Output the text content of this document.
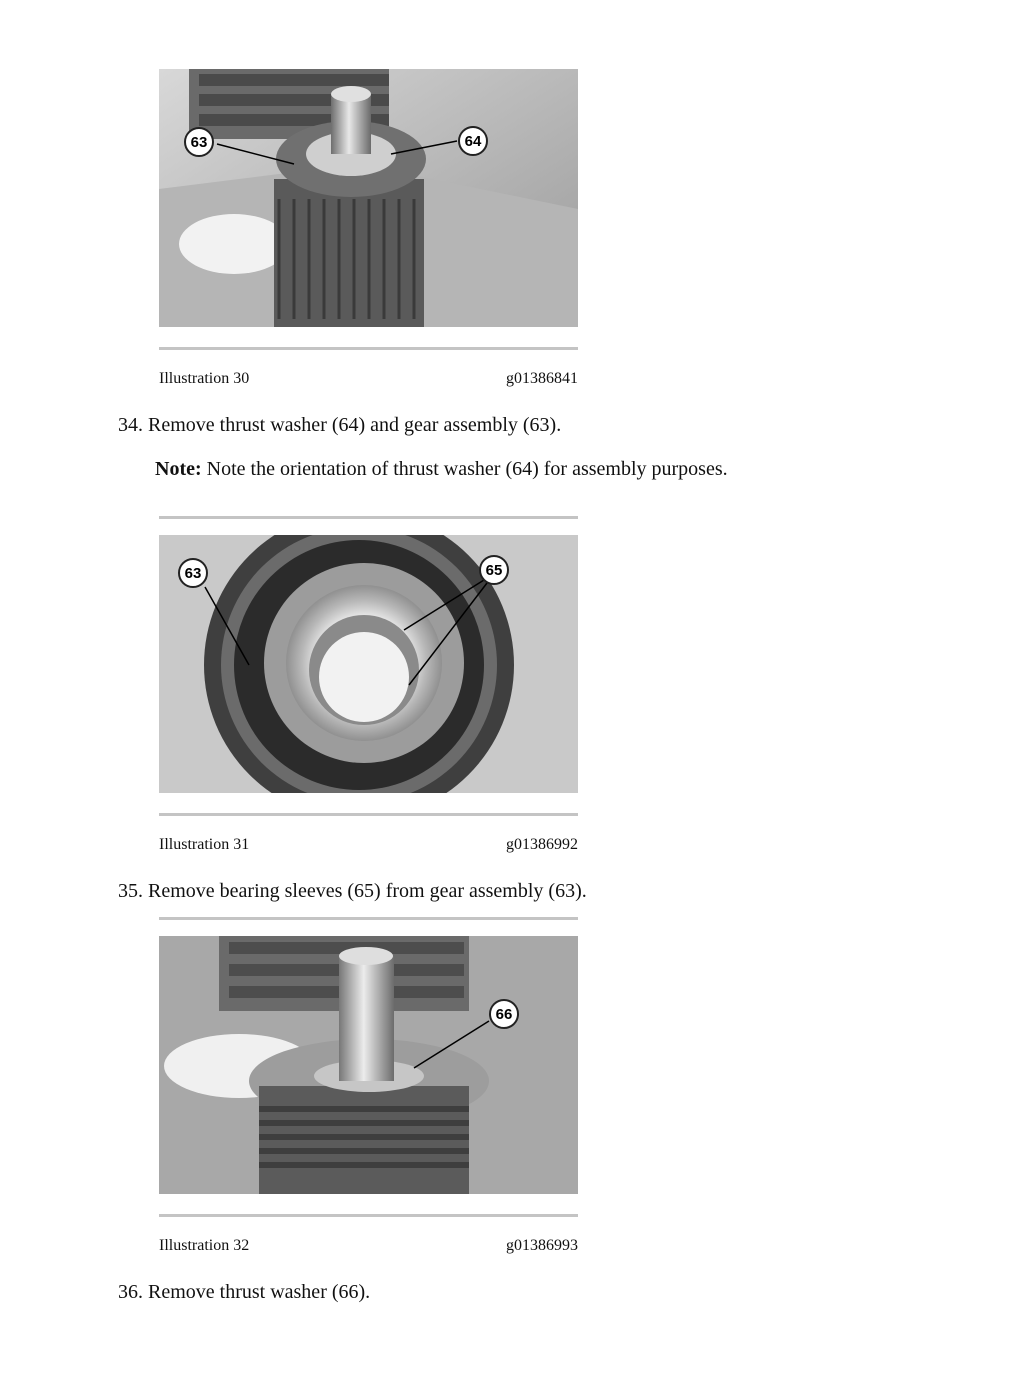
63	64
Illustration 30	g01386841
34. Remove thrust washer (64) and gear assembly (63).
Note: Note the orientation of thrust washer (64) for assembly purposes.
63	65
Illustration 31	g01386992
35. Remove bearing sleeves (65) from gear assembly (63).
66
Illustration 32	g01386993
36. Remove thrust washer (66).
